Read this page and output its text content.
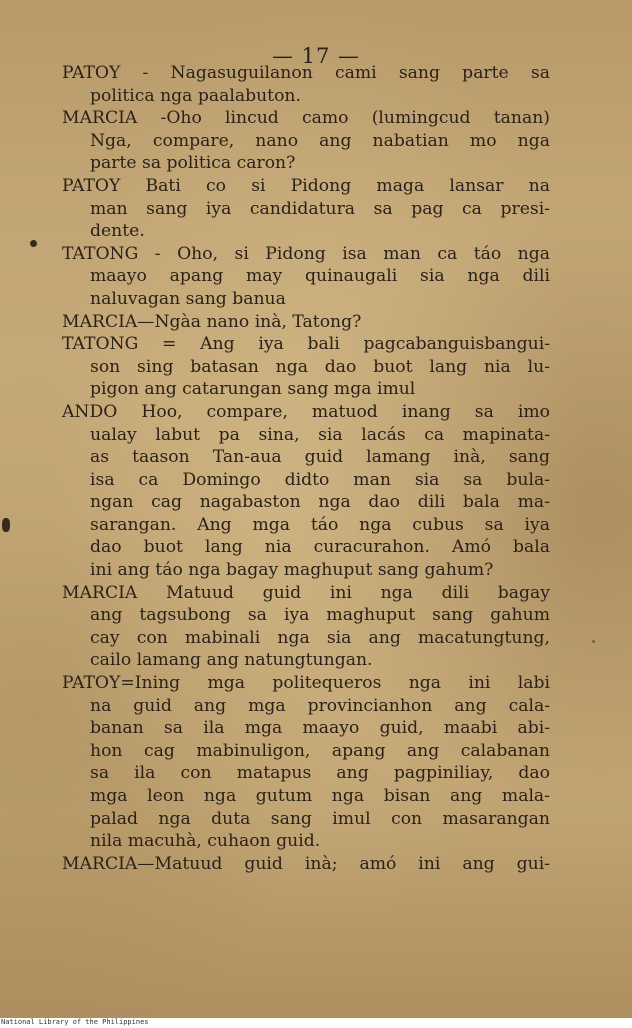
— 17 —
PATOY - Nagasuguilanon cami sang parte sa
politica nga paalabuton.
MARCIA -Oho lincud camo (lumingcud tanan)
Nga, compare, nano ang nabatian mo nga
parte sa politica caron?
PATOY Bati co si Pidong maga lansar na
man sang iya candidatura sa pag ca presi-
dente.
TATONG - Oho, si Pidong isa man ca táo nga
maayo apang may quinaugali sia nga dili
naluvagan sang banua
MARCIA—Ngàa nano inà, Tatong?
TATONG = Ang iya bali pagcabanguisbangui-
son sing batasan nga dao buot lang nia lu-
pigon ang catarungan sang mga imul
ANDO Hoo, compare, matuod inang sa imo
ualay labut pa sina, sia lacás ca mapinata-
as taason Tan-aua guid lamang inà, sang
isa ca Domingo didto man sia sa bula-
ngan cag nagabaston nga dao dili bala ma-
sarangan. Ang mga táo nga cubus sa iya
dao buot lang nia curacurahon. Amó bala
ini ang táo nga bagay maghuput sang gahum?
MARCIA Matuud guid ini nga dili bagay
ang tagsubong sa iya maghuput sang gahum
cay con mabinali nga sia ang macatungtung,
cailo lamang ang natungtungan.
PATOY=Ining mga politequeros nga ini labi
na guid ang mga provincianhon ang cala-
banan sa ila mga maayo guid, maabi abi-
hon cag mabinuligon, apang ang calabanan
sa ila con matapus ang pagpiniliay, dao
mga leon nga gutum nga bisan ang mala-
palad nga duta sang imul con masarangan
nila macuhà, cuhaon guid.
MARCIA—Matuud guid inà; amó ini ang gui-
National Library of the Philippines
